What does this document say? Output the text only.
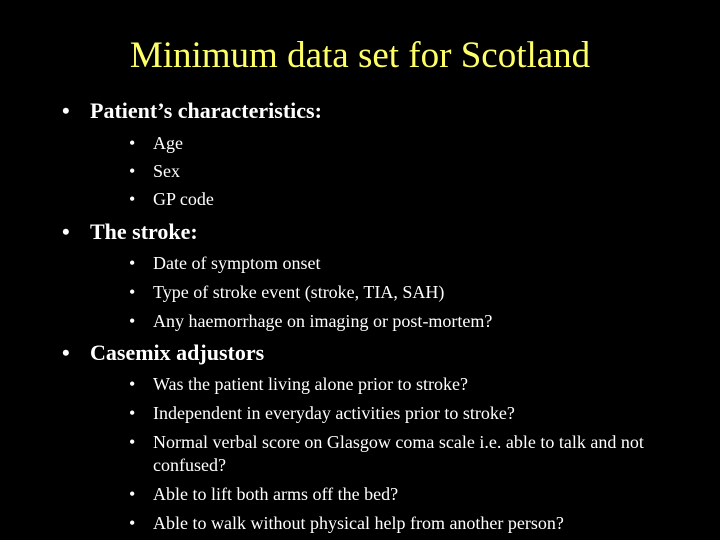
Minimum data set for Scotland
• Patient’s characteristics:
• Age
• Sex
• GP code
• The stroke:
• Date of symptom onset
• Type of stroke event (stroke, TIA, SAH)
• Any haemorrhage on imaging or post-mortem?
• Casemix adjustors
• Was the patient living alone prior to stroke?
• Independent in everyday activities prior to stroke?
• Normal verbal score on Glasgow coma scale i.e. able to talk and not confused?
• Able to lift both arms off the bed?
• Able to walk without physical help from another person?
